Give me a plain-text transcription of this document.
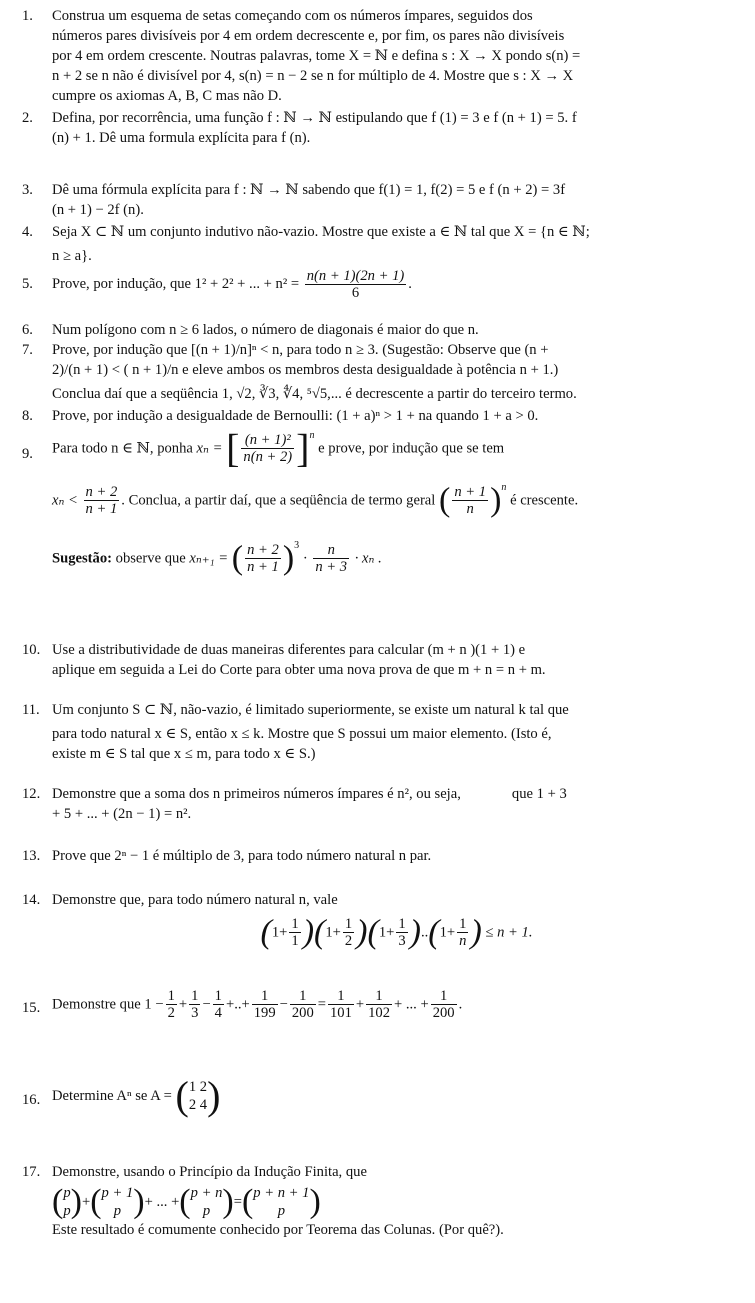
1.	Construa um esquema de setas começando com os números ímpares, seguidos dos
números pares divisíveis por 4 em ordem decrescente e, por fim, os pares não divisíveis
por 4 em ordem crescente. Noutras palavras, tome X = ℕ e defina s : X → X pondo s(n) =
n + 2 se n não é divisível por 4, s(n) = n − 2 se n for múltiplo de 4. Mostre que s : X → X
cumpre os axiomas A, B, C mas não D.
2.	Defina, por recorrência, uma função f : ℕ → ℕ estipulando que f (1) = 3 e f (n + 1) = 5. f
(n) + 1. Dê uma formula explícita para f (n).
3.	Dê uma fórmula explícita para f : ℕ → ℕ sabendo que f(1) = 1, f(2) = 5 e f (n + 2) = 3f
(n + 1) − 2f (n).
4.	Seja X ⊂ ℕ um conjunto indutivo não-vazio. Mostre que existe a ∈ ℕ tal que X = {n ∈ ℕ;
n ≥ a}.
5.	Prove, por indução, que 1² + 2² + ... + $n^2 = \frac{n(n + 1)(2n + 1)}{6}$ .
6.	Num polígono com n ≥ 6 lados, o número de diagonais é maior do que n.
7.	Prove, por indução que [(n + 1)/n]ⁿ < n, para todo n ≥ 3. (Sugestão: Observe que (n +
2)/(n + 1) < ( n + 1)/n e eleve ambos os membros desta desigualdade à potência n + 1.)
Conclua daí que a seqüência 1, √2, ∛3, ∜4, ⁵√5,... é decrescente a partir do terceiro termo.
8.	Prove, por indução a desigualdade de Bernoulli: (1 + a)ⁿ > 1 + na quando 1 + a > 0.
9.	Para todo n ∈ ℕ, ponha xₙ = [ $\frac{\text{(n + 1)²}}{n(n + 2)} ]^n$ e prove, por indução que se tem
$x_n < \frac{n + 2}{n + 1}$ . Conclua, a partir daí, que a seqüência de termo geral ( $\frac{n + 1}{n} )^n$ é crescente.
Sugestão: observe que xₙ₊₁ = ( $\frac{n + 2}{n + 1} )^3 \cdot \frac{n}{n + 3} \cdot x_n$ .
10. Use a distributividade de duas maneiras diferentes para calcular (m + n )(1 + 1) e
aplique em seguida a Lei do Corte para obter uma nova prova de que m + n = n + m.
11. Um conjunto S ⊂ ℕ, não-vazio, é limitado superiormente, se existe um natural k tal que
para todo natural x ∈ S, então x ≤ k. Mostre que S possui um maior elemento. (Isto é,
existe m ∈ S tal que x ≤ m, para todo x ∈ S.)
12. Demonstre que a soma dos n primeiros números ímpares é n², ou seja,              que 1 + 3
+ 5 + ... + (2n − 1) = n².
13. Prove que 2ⁿ − 1 é múltiplo de 3, para todo número natural n par.
14. Demonstre que, para todo número natural n, vale
$(1+ \frac{1}{1} )(1+ \frac{1}{2} )(1+ \frac{1}{3} )..(1+ \frac{1}{n}$ ) ≤ n + 1.
15. Demonstre que $1 - \frac{1}{2} + \frac{1}{3} - \frac{1}{4}$ +..+ $\frac{1}{199} - \frac{1}{200} = \frac{1}{101} + \frac{1}{102}$ + ... + $\frac{1}{200}$ .
16. Determine Aⁿ se A = ( 1 2
2 4 )
17. Demonstre, usando o Princípio da Indução Finita, que
( p
p )+( p + 1
p )+ ... +( p + n
p )=( p + n + 1
p )
Este resultado é comumente conhecido por Teorema das Colunas. (Por quê?).
